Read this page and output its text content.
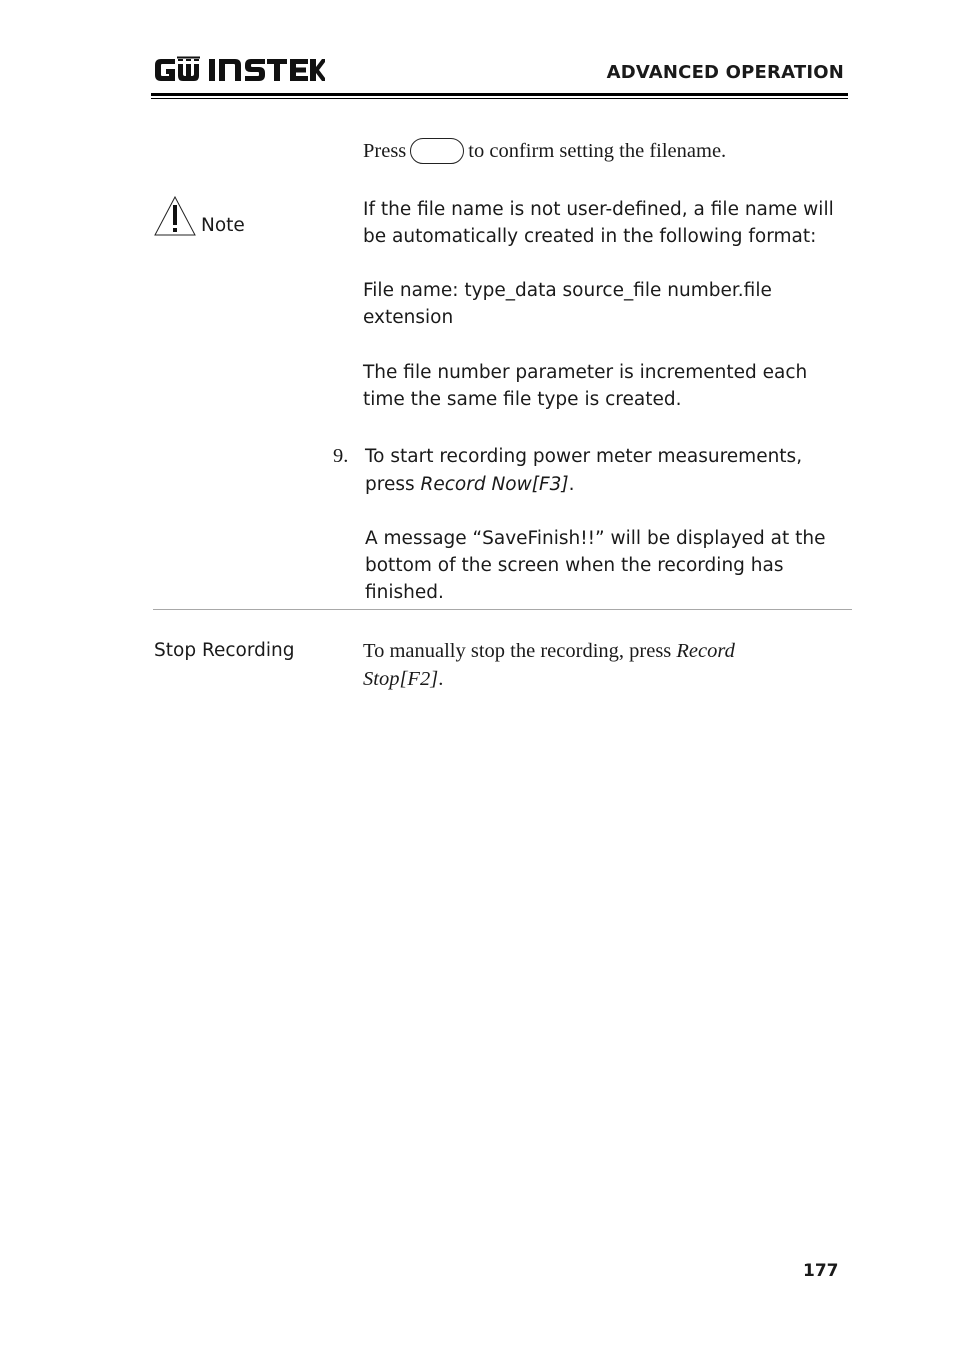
ADVANCED OPERATION
Press	to confirm setting the filename.
Note
If the file name is not user-defined, a file name will
be automatically created in the following format:
File name: type_data source_file number.file
extension
The file number parameter is incremented each
time the same file type is created.
9. To start recording power meter measurements,
press Record Now[F3].
A message “SaveFinish!!” will be displayed at the
bottom of the screen when the recording has
finished.
Stop Recording	To manually stop the recording, press Record
Stop[F2].
177
